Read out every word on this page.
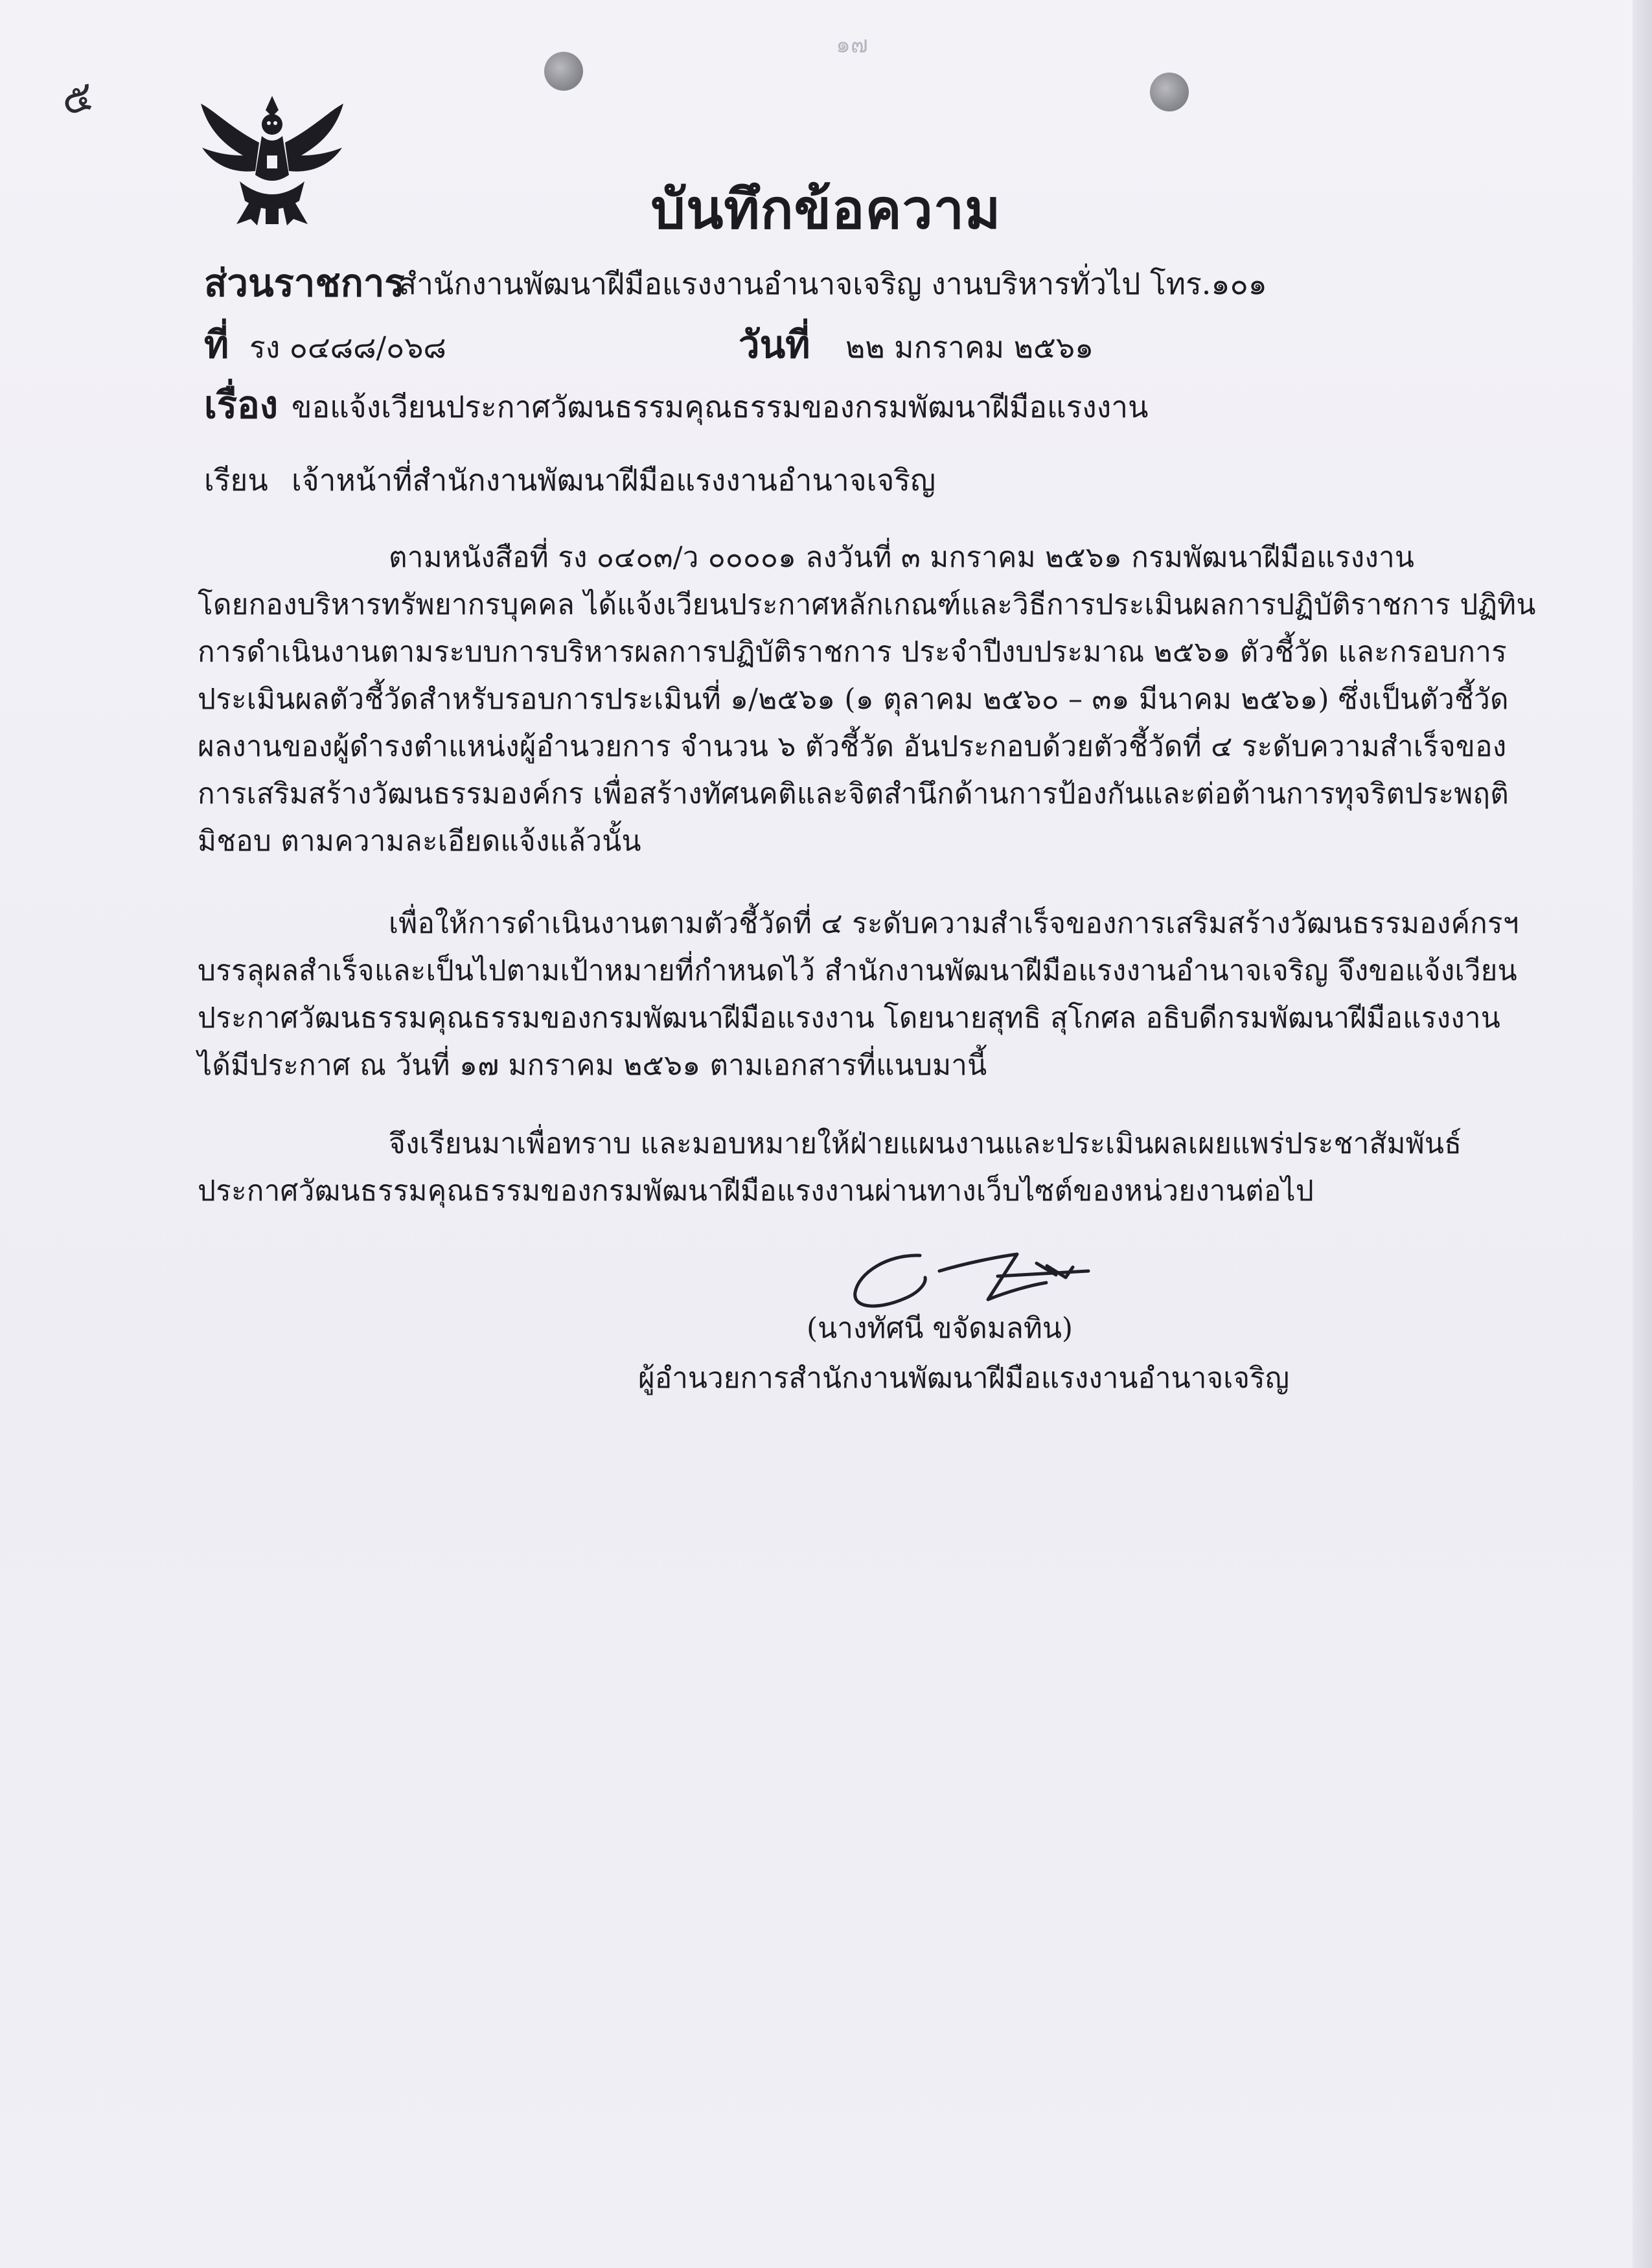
๑๗
๕
บันทึกข้อความ
ส่วนราชการ
สำนักงานพัฒนาฝีมือแรงงานอำนาจเจริญ งานบริหารทั่วไป โทร.๑๐๑
ที่ รง ๐๔๘๘/๐๖๘	วันที่ ๒๒ มกราคม ๒๕๖๑
เรื่อง ขอแจ้งเวียนประกาศวัฒนธรรมคุณธรรมของกรมพัฒนาฝีมือแรงงาน
เรียน เจ้าหน้าที่สำนักงานพัฒนาฝีมือแรงงานอำนาจเจริญ
ตามหนังสือที่ รง ๐๔๐๓/ว ๐๐๐๐๑ ลงวันที่ ๓ มกราคม ๒๕๖๑ กรมพัฒนาฝีมือแรงงาน
โดยกองบริหารทรัพยากรบุคคล ได้แจ้งเวียนประกาศหลักเกณฑ์และวิธีการประเมินผลการปฏิบัติราชการ ปฏิทิน
การดำเนินงานตามระบบการบริหารผลการปฏิบัติราชการ ประจำปีงบประมาณ ๒๕๖๑ ตัวชี้วัด และกรอบการ
ประเมินผลตัวชี้วัดสำหรับรอบการประเมินที่ ๑/๒๕๖๑ (๑ ตุลาคม ๒๕๖๐ – ๓๑ มีนาคม ๒๕๖๑) ซึ่งเป็นตัวชี้วัด
ผลงานของผู้ดำรงตำแหน่งผู้อำนวยการ จำนวน ๖ ตัวชี้วัด อันประกอบด้วยตัวชี้วัดที่ ๔ ระดับความสำเร็จของ
การเสริมสร้างวัฒนธรรมองค์กร เพื่อสร้างทัศนคติและจิตสำนึกด้านการป้องกันและต่อต้านการทุจริตประพฤติ
มิชอบ ตามความละเอียดแจ้งแล้วนั้น
เพื่อให้การดำเนินงานตามตัวชี้วัดที่ ๔ ระดับความสำเร็จของการเสริมสร้างวัฒนธรรมองค์กรฯ
บรรลุผลสำเร็จและเป็นไปตามเป้าหมายที่กำหนดไว้ สำนักงานพัฒนาฝีมือแรงงานอำนาจเจริญ จึงขอแจ้งเวียน
ประกาศวัฒนธรรมคุณธรรมของกรมพัฒนาฝีมือแรงงาน โดยนายสุทธิ สุโกศล อธิบดีกรมพัฒนาฝีมือแรงงาน
ได้มีประกาศ ณ วันที่ ๑๗ มกราคม ๒๕๖๑ ตามเอกสารที่แนบมานี้
จึงเรียนมาเพื่อทราบ และมอบหมายให้ฝ่ายแผนงานและประเมินผลเผยแพร่ประชาสัมพันธ์
ประกาศวัฒนธรรมคุณธรรมของกรมพัฒนาฝีมือแรงงานผ่านทางเว็บไซต์ของหน่วยงานต่อไป
(นางทัศนี ขจัดมลทิน)
ผู้อำนวยการสำนักงานพัฒนาฝีมือแรงงานอำนาจเจริญ
